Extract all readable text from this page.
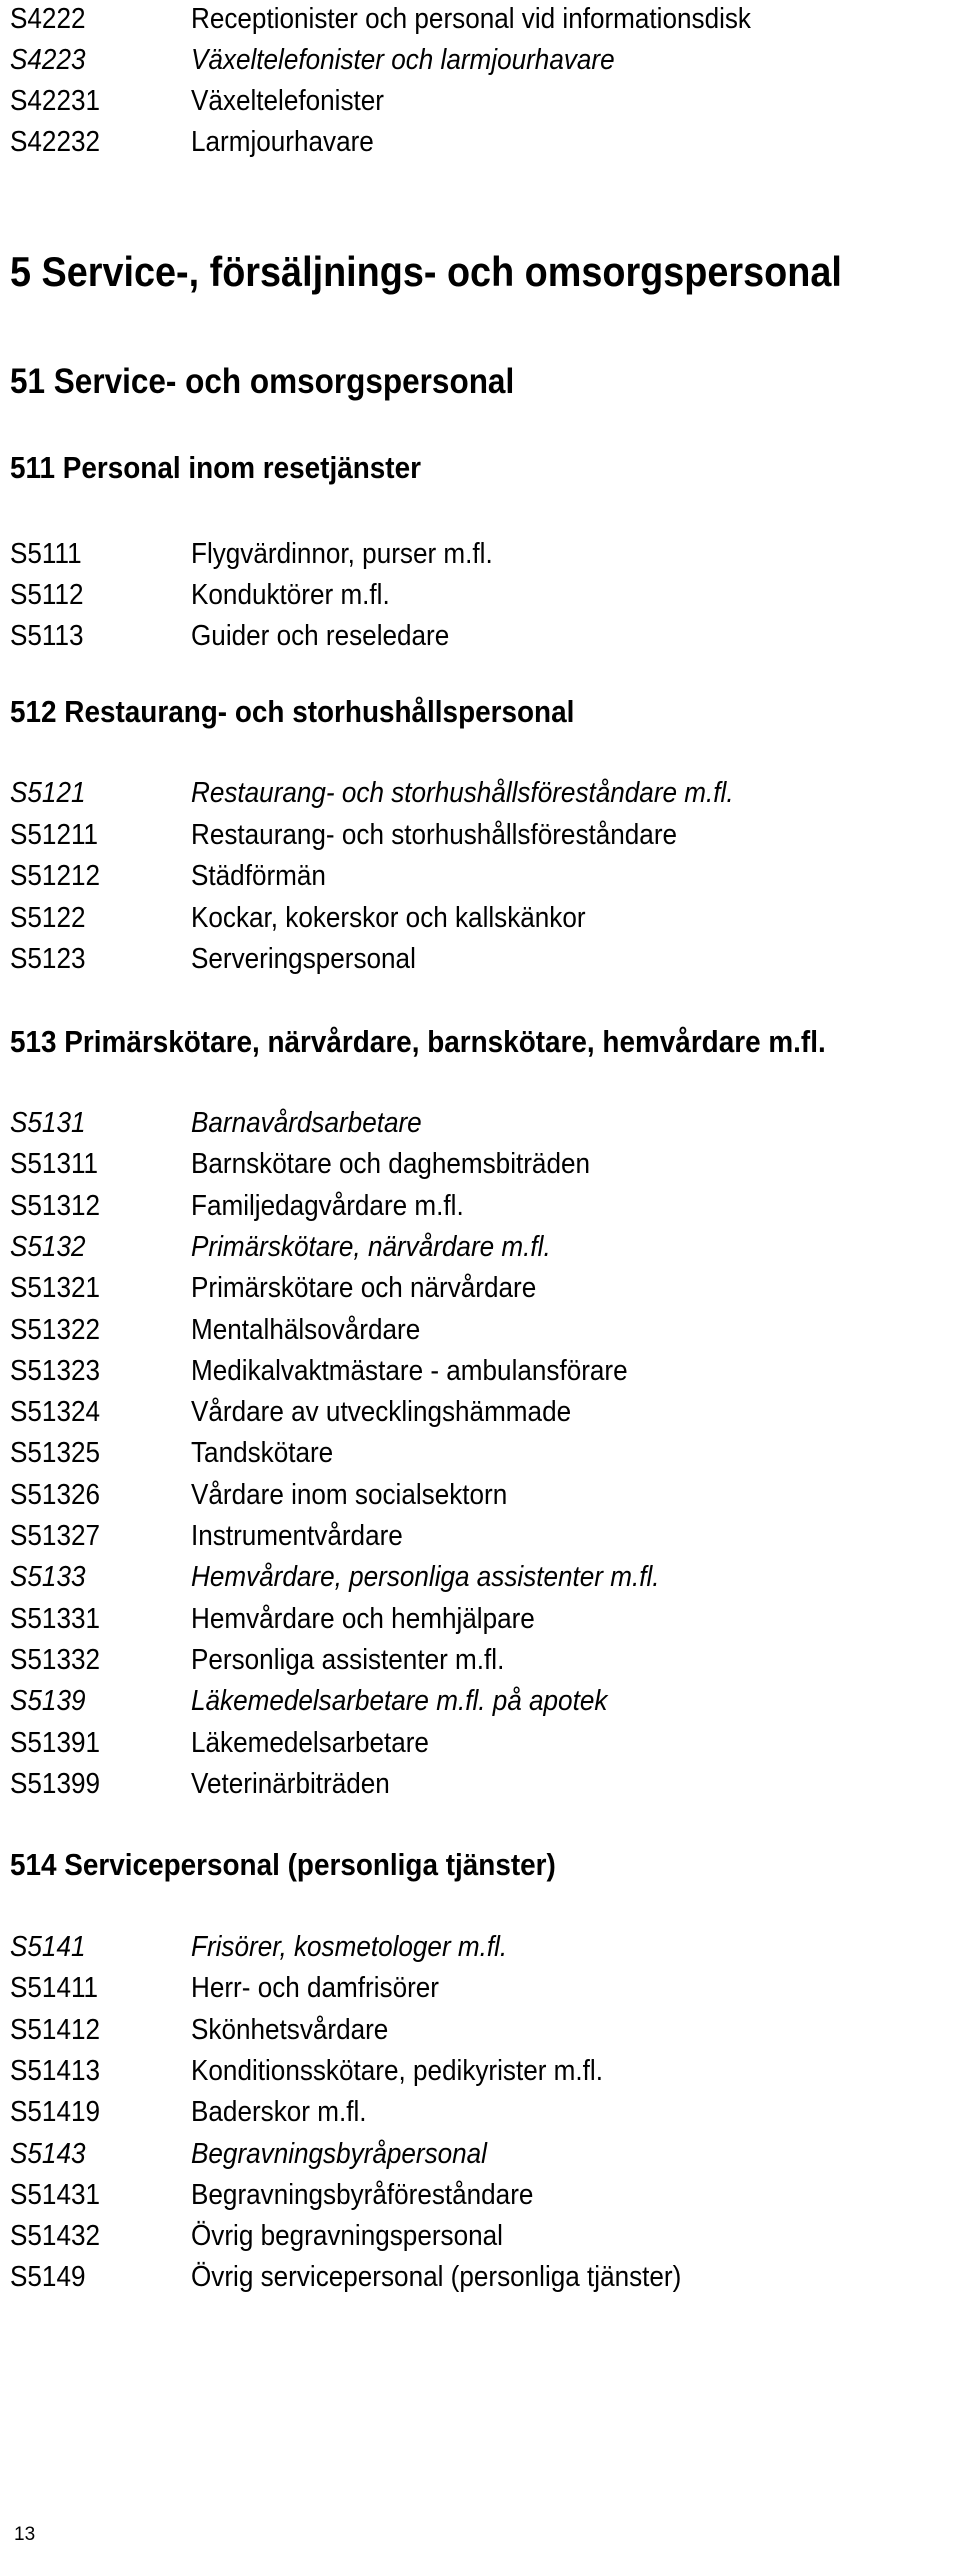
S4222	Receptionister och personal vid informationsdisk
S4223	Växeltelefonister och larmjourhavare
S42231	Växeltelefonister
S42232	Larmjourhavare
5 Service-, försäljnings- och omsorgspersonal
51 Service- och omsorgspersonal
511 Personal inom resetjänster
S5111	Flygvärdinnor, purser m.fl.
S5112	Konduktörer m.fl.
S5113	Guider och reseledare
512 Restaurang- och storhushållspersonal
S5121	Restaurang- och storhushållsföreståndare m.fl.
S51211	Restaurang- och storhushållsföreståndare
S51212	Städförmän
S5122	Kockar, kokerskor och kallskänkor
S5123	Serveringspersonal
513 Primärskötare, närvårdare, barnskötare, hemvårdare m.fl.
S5131	Barnavårdsarbetare
S51311	Barnskötare och daghemsbiträden
S51312	Familjedagvårdare m.fl.
S5132	Primärskötare, närvårdare m.fl.
S51321	Primärskötare och närvårdare
S51322	Mentalhälsovårdare
S51323	Medikalvaktmästare - ambulansförare
S51324	Vårdare av utvecklingshämmade
S51325	Tandskötare
S51326	Vårdare inom socialsektorn
S51327	Instrumentvårdare
S5133	Hemvårdare, personliga assistenter m.fl.
S51331	Hemvårdare och hemhjälpare
S51332	Personliga assistenter m.fl.
S5139	Läkemedelsarbetare m.fl. på apotek
S51391	Läkemedelsarbetare
S51399	Veterinärbiträden
514 Servicepersonal (personliga tjänster)
S5141	Frisörer, kosmetologer m.fl.
S51411	Herr- och damfrisörer
S51412	Skönhetsvårdare
S51413	Konditionsskötare, pedikyrister m.fl.
S51419	Baderskor m.fl.
S5143	Begravningsbyråpersonal
S51431	Begravningsbyråföreståndare
S51432	Övrig begravningspersonal
S5149	Övrig servicepersonal (personliga tjänster)
13
